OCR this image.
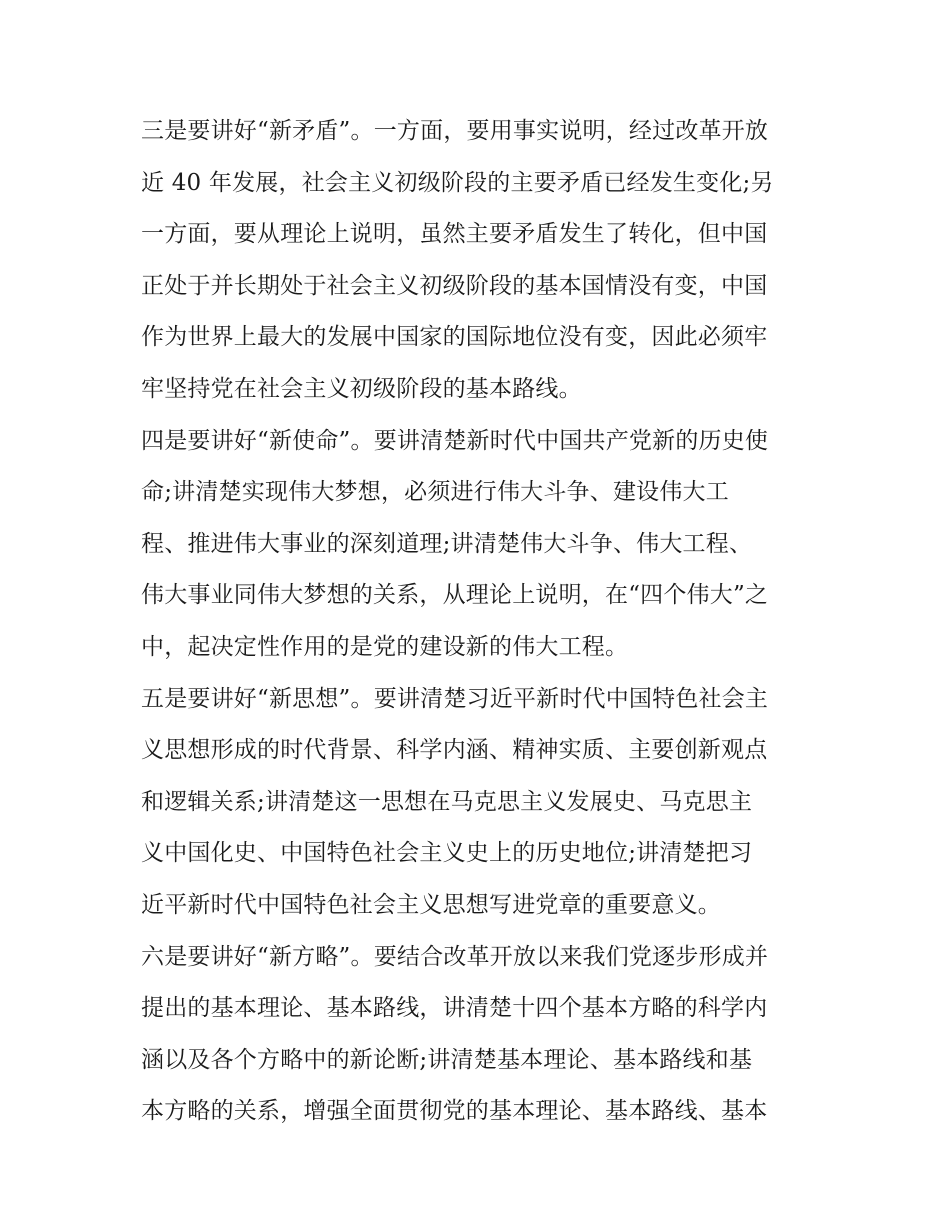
三是要讲好“新矛盾”。一方面，要用事实说明，经过改革开放
近 40 年发展，社会主义初级阶段的主要矛盾已经发生变化;另
一方面，要从理论上说明，虽然主要矛盾发生了转化，但中国
正处于并长期处于社会主义初级阶段的基本国情没有变，中国
作为世界上最大的发展中国家的国际地位没有变，因此必须牢
牢坚持党在社会主义初级阶段的基本路线。
四是要讲好“新使命”。要讲清楚新时代中国共产党新的历史使
命;讲清楚实现伟大梦想，必须进行伟大斗争、建设伟大工
程、推进伟大事业的深刻道理;讲清楚伟大斗争、伟大工程、
伟大事业同伟大梦想的关系，从理论上说明，在“四个伟大”之
中，起决定性作用的是党的建设新的伟大工程。
五是要讲好“新思想”。要讲清楚习近平新时代中国特色社会主
义思想形成的时代背景、科学内涵、精神实质、主要创新观点
和逻辑关系;讲清楚这一思想在马克思主义发展史、马克思主
义中国化史、中国特色社会主义史上的历史地位;讲清楚把习
近平新时代中国特色社会主义思想写进党章的重要意义。
六是要讲好“新方略”。要结合改革开放以来我们党逐步形成并
提出的基本理论、基本路线，讲清楚十四个基本方略的科学内
涵以及各个方略中的新论断;讲清楚基本理论、基本路线和基
本方略的关系，增强全面贯彻党的基本理论、基本路线、基本
